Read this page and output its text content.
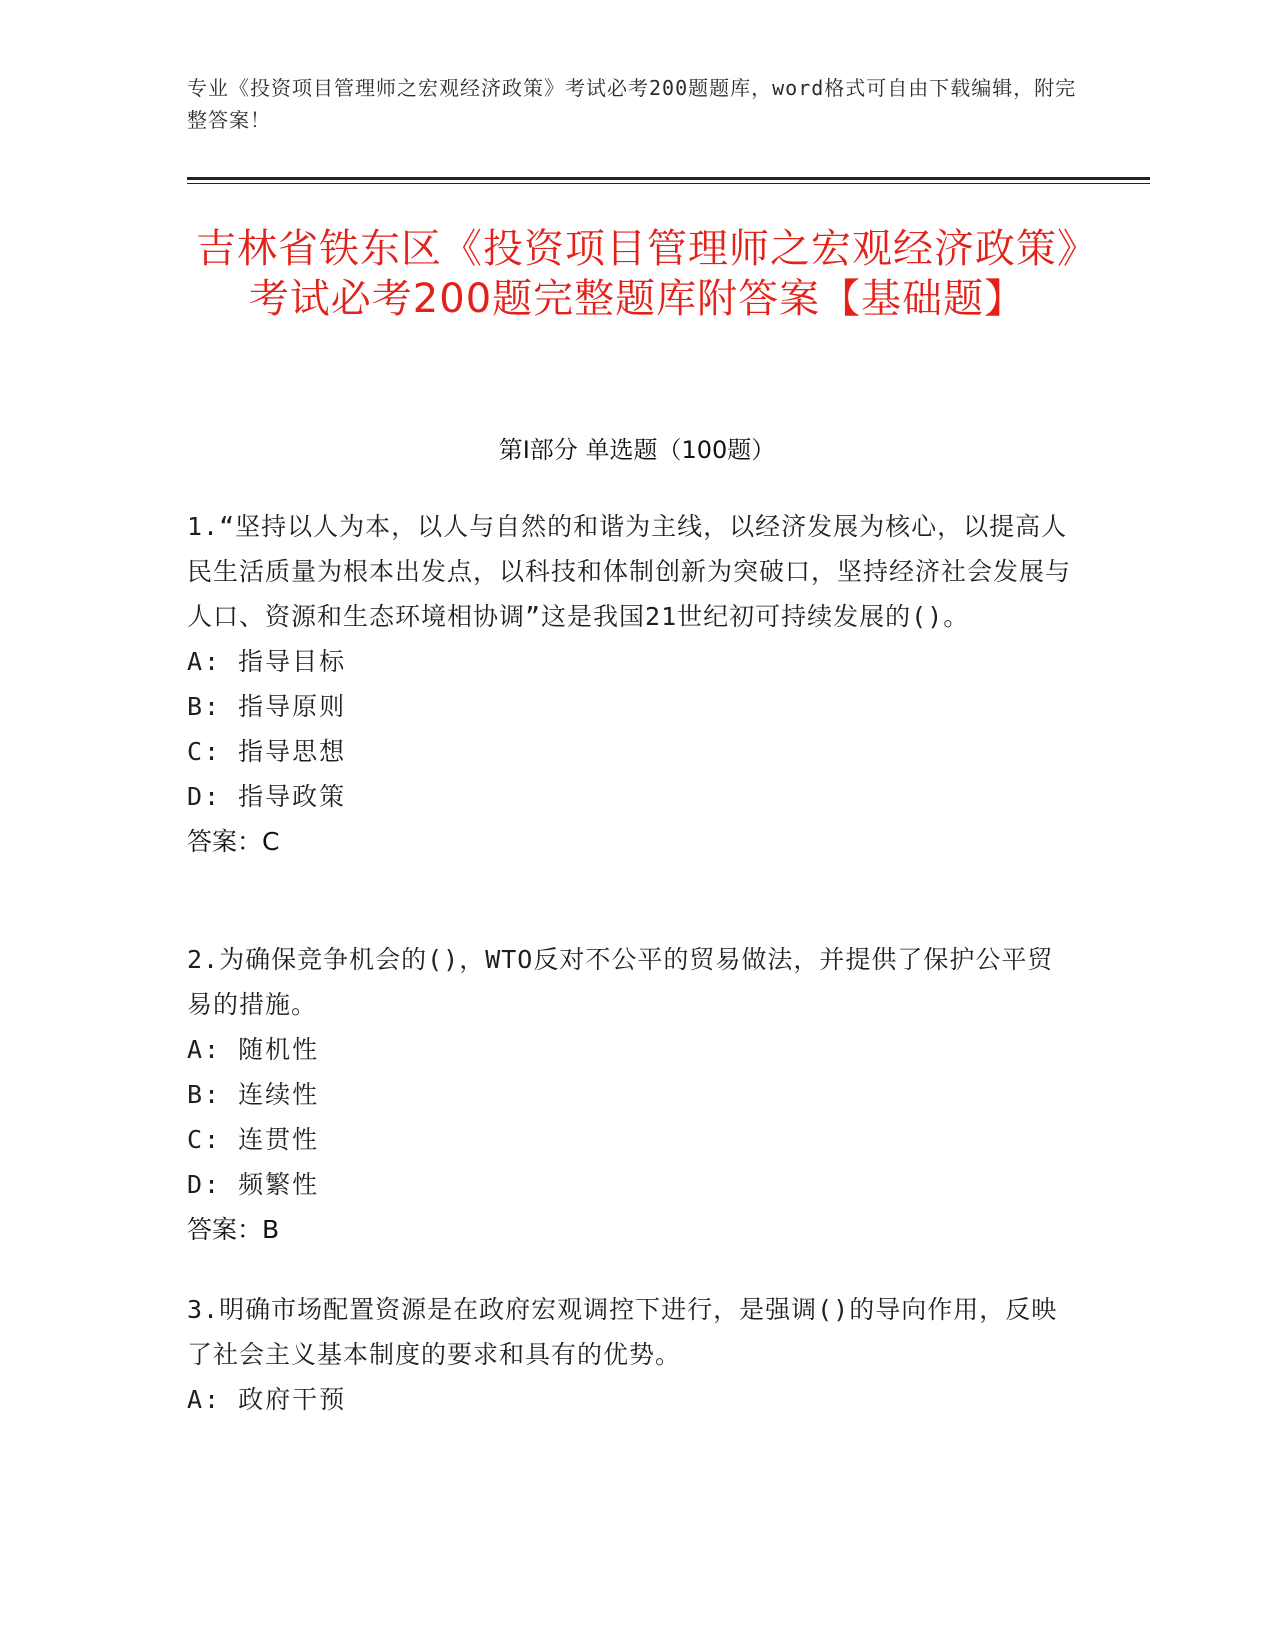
专业《投资项目管理师之宏观经济政策》考试必考200题题库，word格式可自由下载编辑，附完整答案！
吉林省铁东区《投资项目管理师之宏观经济政策》考试必考200题完整题库附答案【基础题】
第I部分 单选题（100题）

1.“坚持以人为本，以人与自然的和谐为主线，以经济发展为核心，以提高人民生活质量为根本出发点，以科技和体制创新为突破口，坚持经济社会发展与人口、资源和生态环境相协调”这是我国21世纪初可持续发展的()。

A: 指导目标

B: 指导原则

C: 指导思想

D: 指导政策

答案：C

2.为确保竞争机会的()，WTO反对不公平的贸易做法，并提供了保护公平贸易的措施。

A: 随机性

B: 连续性

C: 连贯性

D: 频繁性

答案：B

3.明确市场配置资源是在政府宏观调控下进行，是强调()的导向作用，反映了社会主义基本制度的要求和具有的优势。

A: 政府干预
